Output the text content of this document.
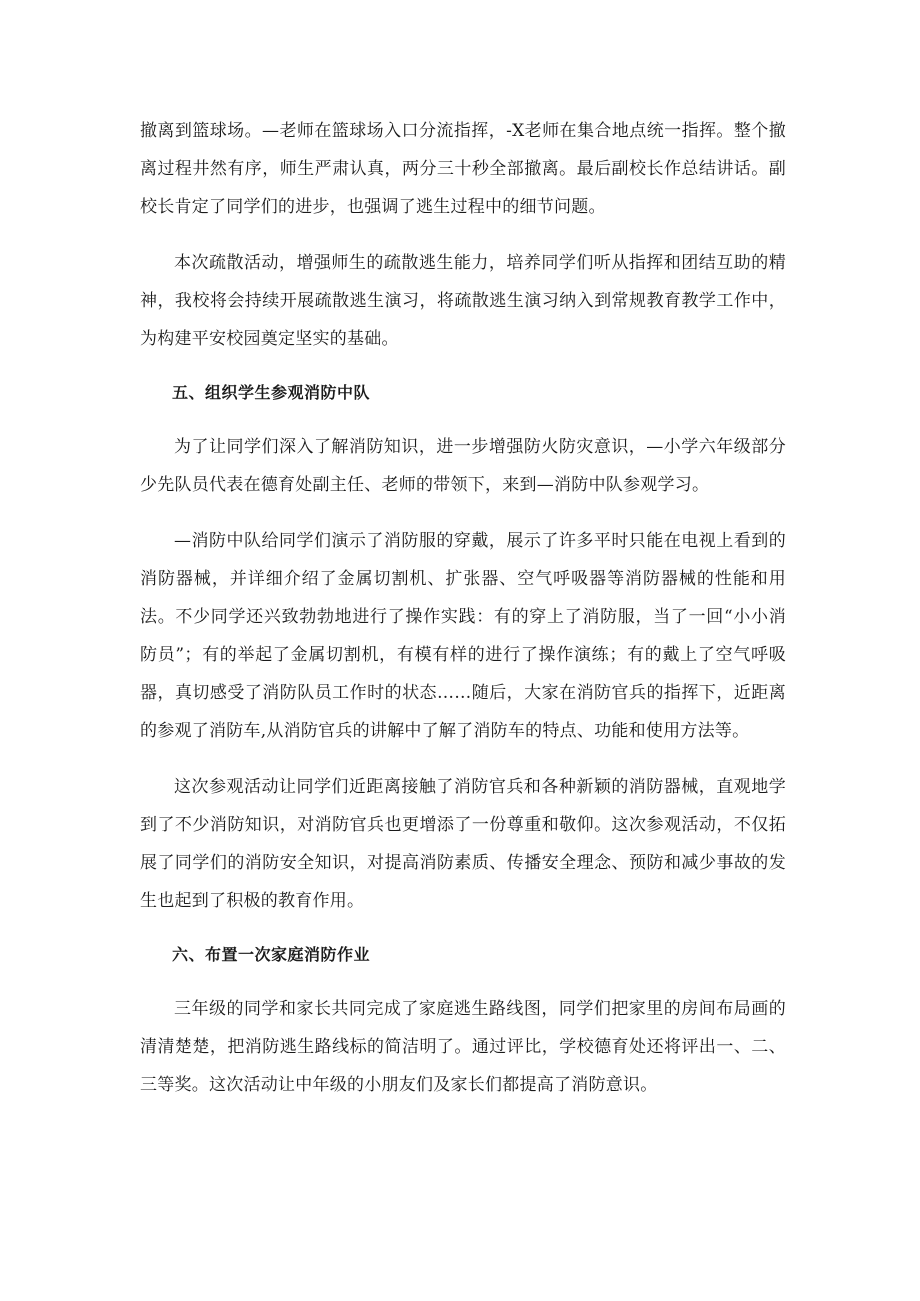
撤离到篮球场。—老师在篮球场入口分流指挥，-X老师在集合地点统一指挥。整个撤离过程井然有序，师生严肃认真，两分三十秒全部撤离。最后副校长作总结讲话。副校长肯定了同学们的进步，也强调了逃生过程中的细节问题。

本次疏散活动，增强师生的疏散逃生能力，培养同学们听从指挥和团结互助的精神，我校将会持续开展疏散逃生演习，将疏散逃生演习纳入到常规教育教学工作中，为构建平安校园奠定坚实的基础。

五、组织学生参观消防中队

为了让同学们深入了解消防知识，进一步增强防火防灾意识，—小学六年级部分少先队员代表在德育处副主任、老师的带领下，来到—消防中队参观学习。

—消防中队给同学们演示了消防服的穿戴，展示了许多平时只能在电视上看到的消防器械，并详细介绍了金属切割机、扩张器、空气呼吸器等消防器械的性能和用法。不少同学还兴致勃勃地进行了操作实践：有的穿上了消防服，当了一回“小小消防员”；有的举起了金属切割机，有模有样的进行了操作演练；有的戴上了空气呼吸器，真切感受了消防队员工作时的状态……随后，大家在消防官兵的指挥下，近距离的参观了消防车,从消防官兵的讲解中了解了消防车的特点、功能和使用方法等。

这次参观活动让同学们近距离接触了消防官兵和各种新颖的消防器械，直观地学到了不少消防知识，对消防官兵也更增添了一份尊重和敬仰。这次参观活动，不仅拓展了同学们的消防安全知识，对提高消防素质、传播安全理念、预防和减少事故的发生也起到了积极的教育作用。

六、布置一次家庭消防作业

三年级的同学和家长共同完成了家庭逃生路线图，同学们把家里的房间布局画的清清楚楚，把消防逃生路线标的简洁明了。通过评比，学校德育处还将评出一、二、三等奖。这次活动让中年级的小朋友们及家长们都提高了消防意识。
